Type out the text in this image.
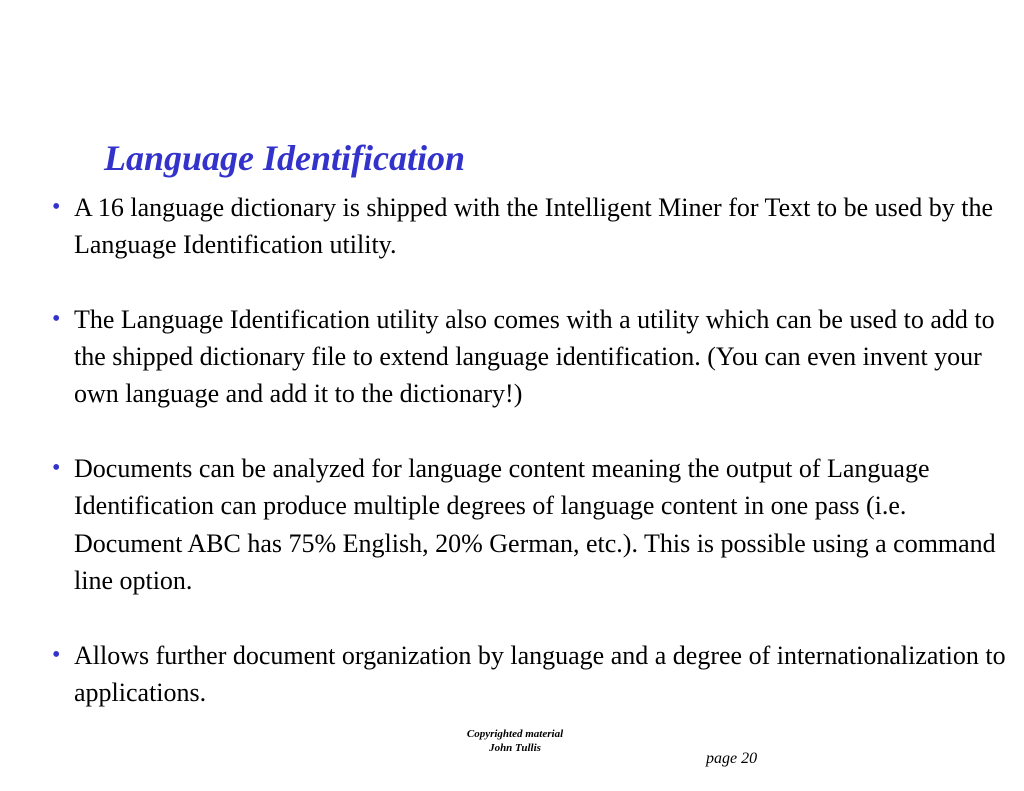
Language Identification
• A 16 language dictionary is shipped with the Intelligent Miner for Text to be used by the Language Identification utility.
• The Language Identification utility also comes with a utility which can be used to add to the shipped dictionary file to extend language identification. (You can even invent your own language and add it to the dictionary!)
• Documents can be analyzed for language content meaning the output of Language Identification can produce multiple degrees of language content in one pass (i.e. Document ABC has 75% English, 20% German, etc.). This is possible using a command line option.
• Allows further document organization by language and a degree of internationalization to applications.
Copyrighted material
John Tullis
page 20
